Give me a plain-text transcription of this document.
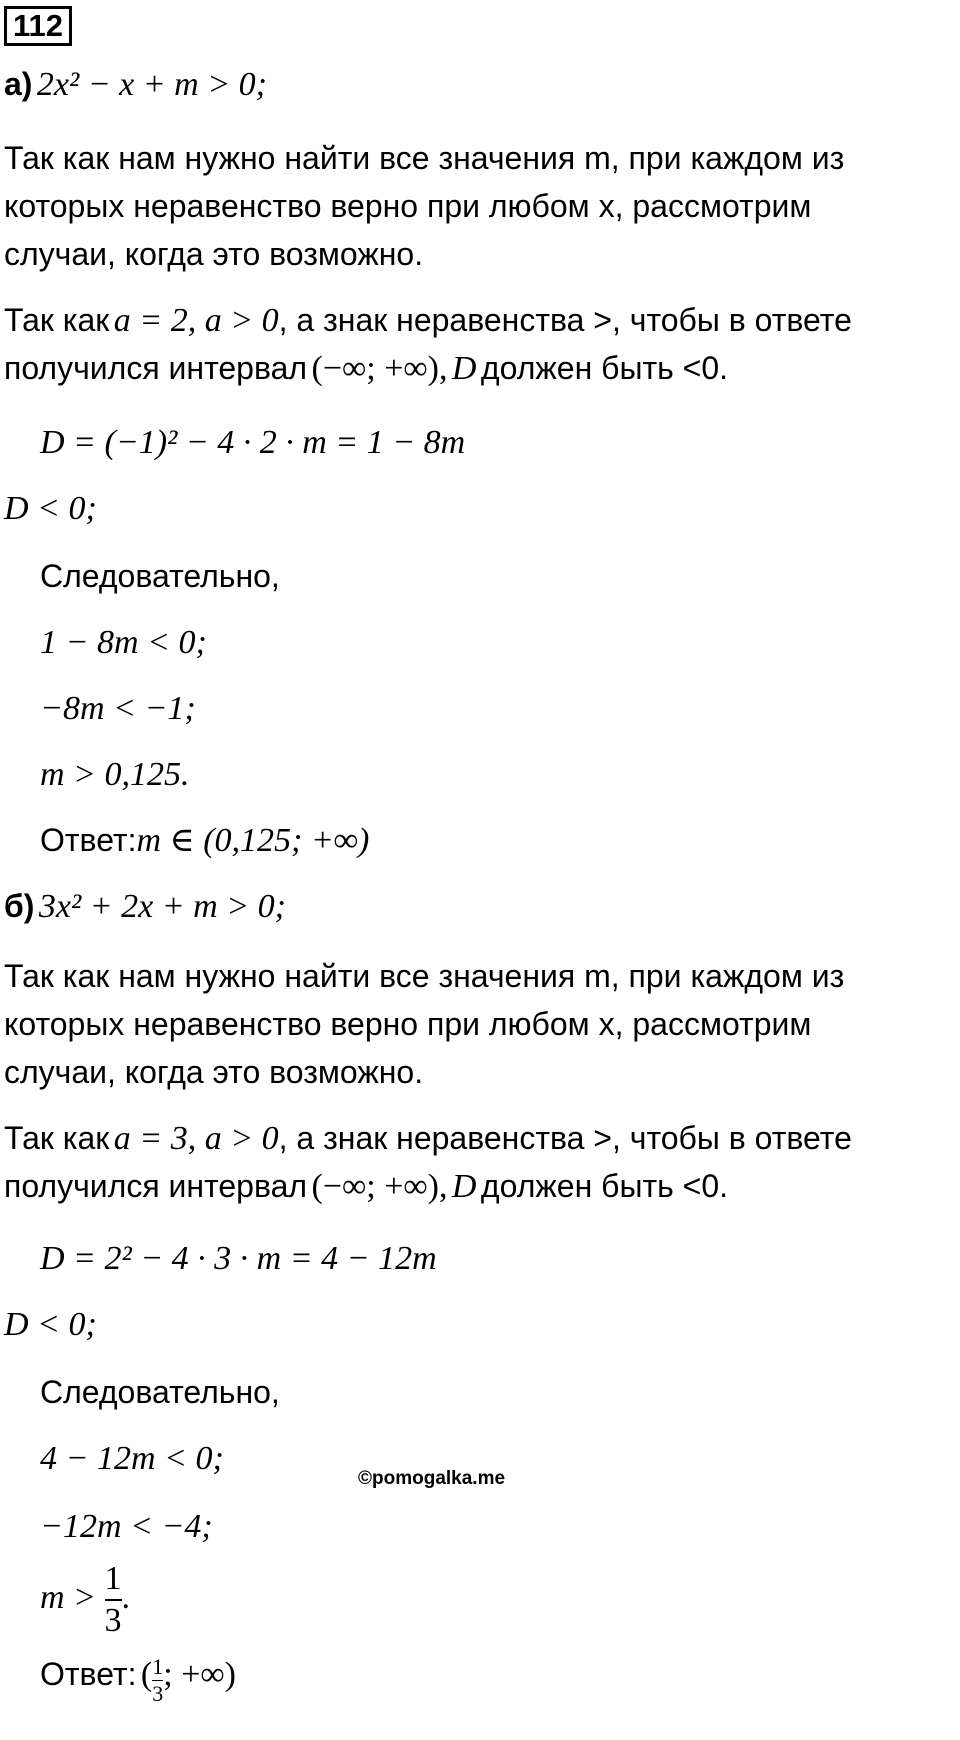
112
а) 2x² − x + m > 0;
Так как нам нужно найти все значения m, при каждом из
которых неравенство верно при любом x, рассмотрим
случаи, когда это возможно.
Так как a = 2, a > 0, а знак неравенства >, чтобы в ответе
получился интервал (−∞; +∞), D должен быть <0.
D = (−1)² − 4 · 2 · m = 1 − 8m
D < 0;
Следовательно,
1 − 8m < 0;
−8m < −1;
m > 0,125.
Ответ:m ∈ (0,125; +∞)
б) 3x² + 2x + m > 0;
Так как нам нужно найти все значения m, при каждом из
которых неравенство верно при любом x, рассмотрим
случаи, когда это возможно.
Так как a = 3, a > 0, а знак неравенства >, чтобы в ответе
получился интервал (−∞; +∞), D должен быть <0.
D = 2² − 4 · 3 · m = 4 − 12m
D < 0;
Следовательно,
4 − 12m < 0;
©pomogalka.me
−12m < −4;
$m > \frac{1}{3}$ .
Ответ: ( $\frac{1}{3}$ ; +∞)
